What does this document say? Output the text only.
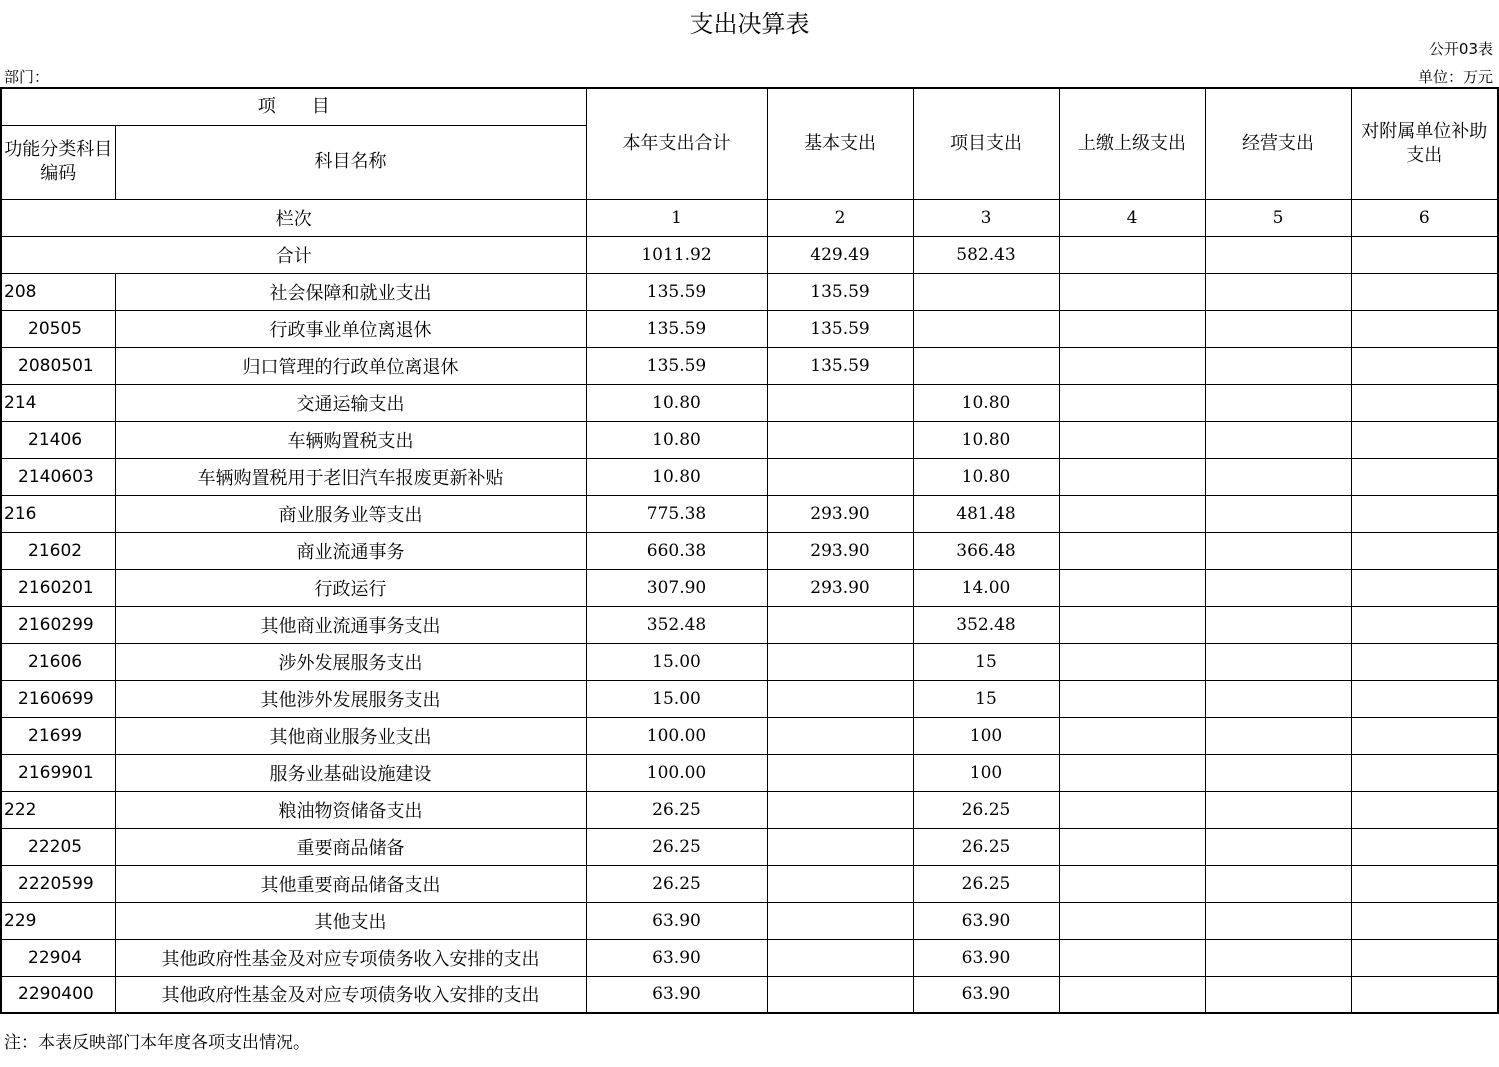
支出决算表
公开03表
部门：	单位：万元
项　　目		本年支出合计	基本支出	项目支出	上缴上级支出	经营支出	对附属单位补助支出
功能分类科目编码	科目名称						
栏次		1	2	3	4	5	6
合计		1011.92	429.49	582.43			
208	社会保障和就业支出	135.59	135.59				
20505	行政事业单位离退休	135.59	135.59				
2080501	归口管理的行政单位离退休	135.59	135.59				
214	交通运输支出	10.80		10.80			
21406	车辆购置税支出	10.80		10.80			
2140603	车辆购置税用于老旧汽车报废更新补贴	10.80		10.80			
216	商业服务业等支出	775.38	293.90	481.48			
21602	商业流通事务	660.38	293.90	366.48			
2160201	行政运行	307.90	293.90	14.00			
2160299	其他商业流通事务支出	352.48		352.48			
21606	涉外发展服务支出	15.00		15			
2160699	其他涉外发展服务支出	15.00		15			
21699	其他商业服务业支出	100.00		100			
2169901	服务业基础设施建设	100.00		100			
222	粮油物资储备支出	26.25		26.25			
22205	重要商品储备	26.25		26.25			
2220599	其他重要商品储备支出	26.25		26.25			
229	其他支出	63.90		63.90			
22904	其他政府性基金及对应专项债务收入安排的支出	63.90		63.90			
2290400	其他政府性基金及对应专项债务收入安排的支出	63.90		63.90			
注：本表反映部门本年度各项支出情况。
